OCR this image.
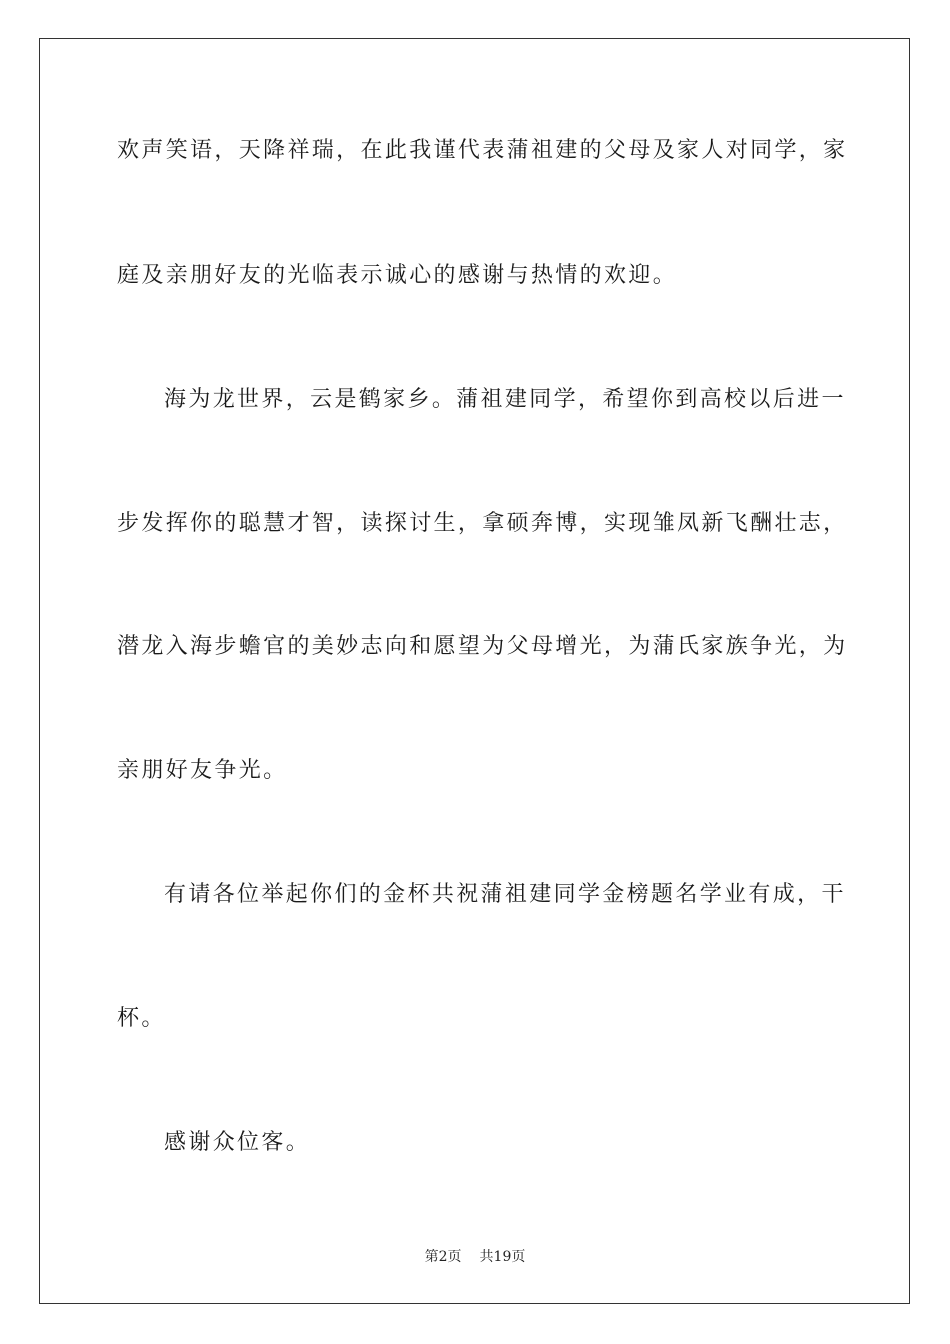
欢声笑语，天降祥瑞，在此我谨代表蒲祖建的父母及家人对同学，家
庭及亲朋好友的光临表示诚心的感谢与热情的欢迎。
海为龙世界，云是鹤家乡。蒲祖建同学，希望你到高校以后进一
步发挥你的聪慧才智，读探讨生，拿硕奔博，实现雏凤新飞酬壮志，
潜龙入海步蟾官的美妙志向和愿望为父母增光，为蒲氏家族争光，为
亲朋好友争光。
有请各位举起你们的金杯共祝蒲祖建同学金榜题名学业有成，干
杯。
感谢众位客。
第2页 共19页
